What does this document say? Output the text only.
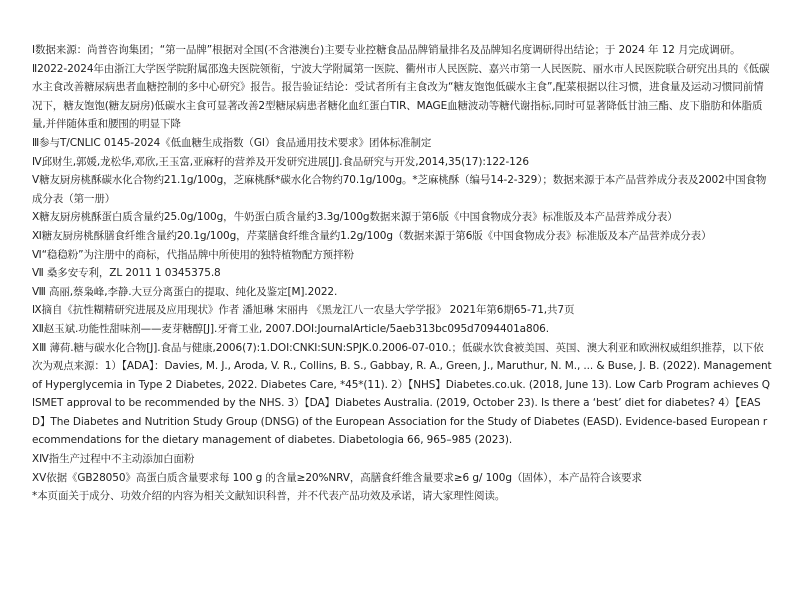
Ⅰ数据来源：尚普咨询集团；“第一品牌”根据对全国(不含港澳台)主要专业控糖食品品牌销量排名及品牌知名度调研得出结论；于 2024 年 12 月完成调研。

Ⅱ2022-2024年由浙江大学医学院附属邵逸夫医院领衔，宁波大学附属第一医院、衢州市人民医院、嘉兴市第一人民医院、丽水市人民医院联合研究出具的《低碳水主食改善糖尿病患者血糖控制的多中心研究》报告。报告验证结论：受试者所有主食改为“糖友饱饱低碳水主食”,配菜根据以往习惯，进食量及运动习惯同前情况下，糖友饱饱(糖友厨房)低碳水主食可显著改善2型糖尿病患者糖化血红蛋白TIR、MAGE血糖波动等糖代谢指标,同时可显著降低甘油三酯、皮下脂肪和体脂质量,并伴随体重和腰围的明显下降

Ⅲ参与T/CNLIC 0145-2024《低血糖生成指数（GI）食品通用技术要求》团体标准制定

Ⅳ邱财生,郭媛,龙松华,邓欣,王玉富,亚麻籽的营养及开发研究进展[J].食品研究与开发,2014,35(17):122-126

Ⅴ糖友厨房桃酥碳水化合物约21.1g/100g，芝麻桃酥*碳水化合物约70.1g/100g。*芝麻桃酥（编号14-2-329）；数据来源于本产品营养成分表及2002中国食物成分表（第一册）

Ⅹ糖友厨房桃酥蛋白质含量约25.0g/100g，牛奶蛋白质含量约3.3g/100g数据来源于第6版《中国食物成分表》标准版及本产品营养成分表）

Ⅺ糖友厨房桃酥膳食纤维含量约20.1g/100g，芹菜膳食纤维含量约1.2g/100g（数据来源于第6版《中国食物成分表》标准版及本产品营养成分表）

Ⅵ“稳稳粉”为注册中的商标，代指品牌中所使用的独特植物配方预拌粉

Ⅶ 桑多安专利，ZL 2011 1 0345375.8

Ⅷ 高丽,蔡枭峰,李静.大豆分离蛋白的提取、纯化及鉴定[M].2022.

Ⅸ摘自《抗性糊精研究进展及应用现状》作者 潘旭琳 宋丽冉 《黑龙江八一农垦大学学报》 2021年第6期65-71,共7页

Ⅻ赵玉斌.功能性甜味剂——麦芽糖醇[J].牙膏工业, 2007.DOI:JournalArticle/5aeb313bc095d7094401a806.

ⅩⅢ 薄荷.糖与碳水化合物[J].食品与健康,2006(7):1.DOI:CNKI:SUN:SPJK.0.2006-07-010.；低碳水饮食被美国、英国、澳大利亚和欧洲权威组织推荐，以下依次为观点来源：1）【ADA】：Davies, M. J., Aroda, V. R., Collins, B. S., Gabbay, R. A., Green, J., Maruthur, N. M., ... & Buse, J. B. (2022). Management of Hyperglycemia in Type 2 Diabetes, 2022. Diabetes Care, *45*(11). 2）【NHS】Diabetes.co.uk. (2018, June 13). Low Carb Program achieves QISMET approval to be recommended by the NHS. 3）【DA】Diabetes Australia. (2019, October 23). Is there a ‘best’ diet for diabetes? 4）【EASD】The Diabetes and Nutrition Study Group (DNSG) of the European Association for the Study of Diabetes (EASD). Evidence-based European recommendations for the dietary management of diabetes. Diabetologia 66, 965–985 (2023).

ⅩⅣ指生产过程中不主动添加白面粉

ⅩⅤ依据《GB28050》高蛋白质含量要求每 100 g 的含量≥20%NRV，高膳食纤维含量要求≥6 g/ 100g（固体），本产品符合该要求

*本页面关于成分、功效介绍的内容为相关文献知识科普，并不代表产品功效及承诺，请大家理性阅读。
